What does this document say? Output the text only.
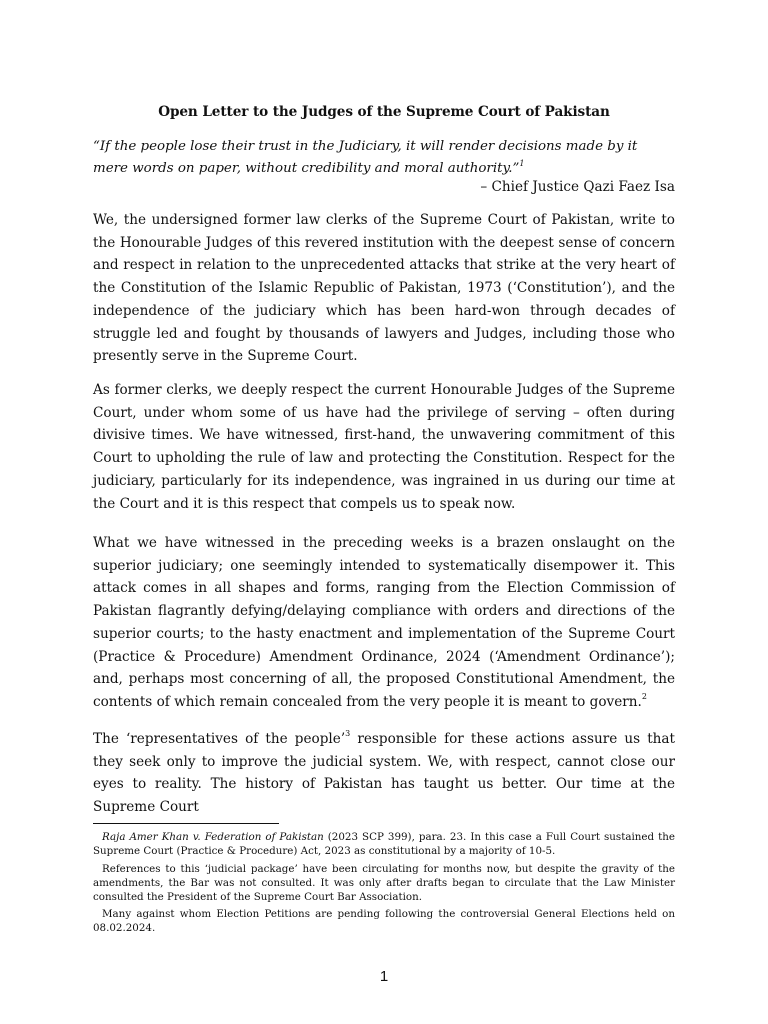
Open Letter to the Judges of the Supreme Court of Pakistan

“If the people lose their trust in the Judiciary, it will render decisions made by it mere words on paper, without credibility and moral authority.”$^1$

– Chief Justice Qazi Faez Isa

We, the undersigned former law clerks of the Supreme Court of Pakistan, write to the Honourable Judges of this revered institution with the deepest sense of concern and respect in relation to the unprecedented attacks that strike at the very heart of the Constitution of the Islamic Republic of Pakistan, 1973 (‘Constitution’), and the independence of the judiciary which has been hard-won through decades of struggle led and fought by thousands of lawyers and Judges, including those who presently serve in the Supreme Court.

As former clerks, we deeply respect the current Honourable Judges of the Supreme Court, under whom some of us have had the privilege of serving – often during divisive times. We have witnessed, first-hand, the unwavering commitment of this Court to upholding the rule of law and protecting the Constitution. Respect for the judiciary, particularly for its independence, was ingrained in us during our time at the Court and it is this respect that compels us to speak now.

What we have witnessed in the preceding weeks is a brazen onslaught on the superior judiciary; one seemingly intended to systematically disempower it. This attack comes in all shapes and forms, ranging from the Election Commission of Pakistan flagrantly defying/delaying compliance with orders and directions of the superior courts; to the hasty enactment and implementation of the Supreme Court (Practice & Procedure) Amendment Ordinance, 2024 (‘Amendment Ordinance’); and, perhaps most concerning of all, the proposed Constitutional Amendment, the contents of which remain concealed from the very people it is meant to govern.$^2$

The ‘representatives of the people’$^3$ responsible for these actions assure us that they seek only to improve the judicial system. We, with respect, cannot close our eyes to reality. The history of Pakistan has taught us better. Our time at the Supreme Court

Raja Amer Khan v. Federation of Pakistan (2023 SCP 399), para. 23. In this case a Full Court sustained the Supreme Court (Practice & Procedure) Act, 2023 as constitutional by a majority of 10-5.

References to this ‘judicial package’ have been circulating for months now, but despite the gravity of the amendments, the Bar was not consulted. It was only after drafts began to circulate that the Law Minister consulted the President of the Supreme Court Bar Association.

Many against whom Election Petitions are pending following the controversial General Elections held on 08.02.2024.

1
